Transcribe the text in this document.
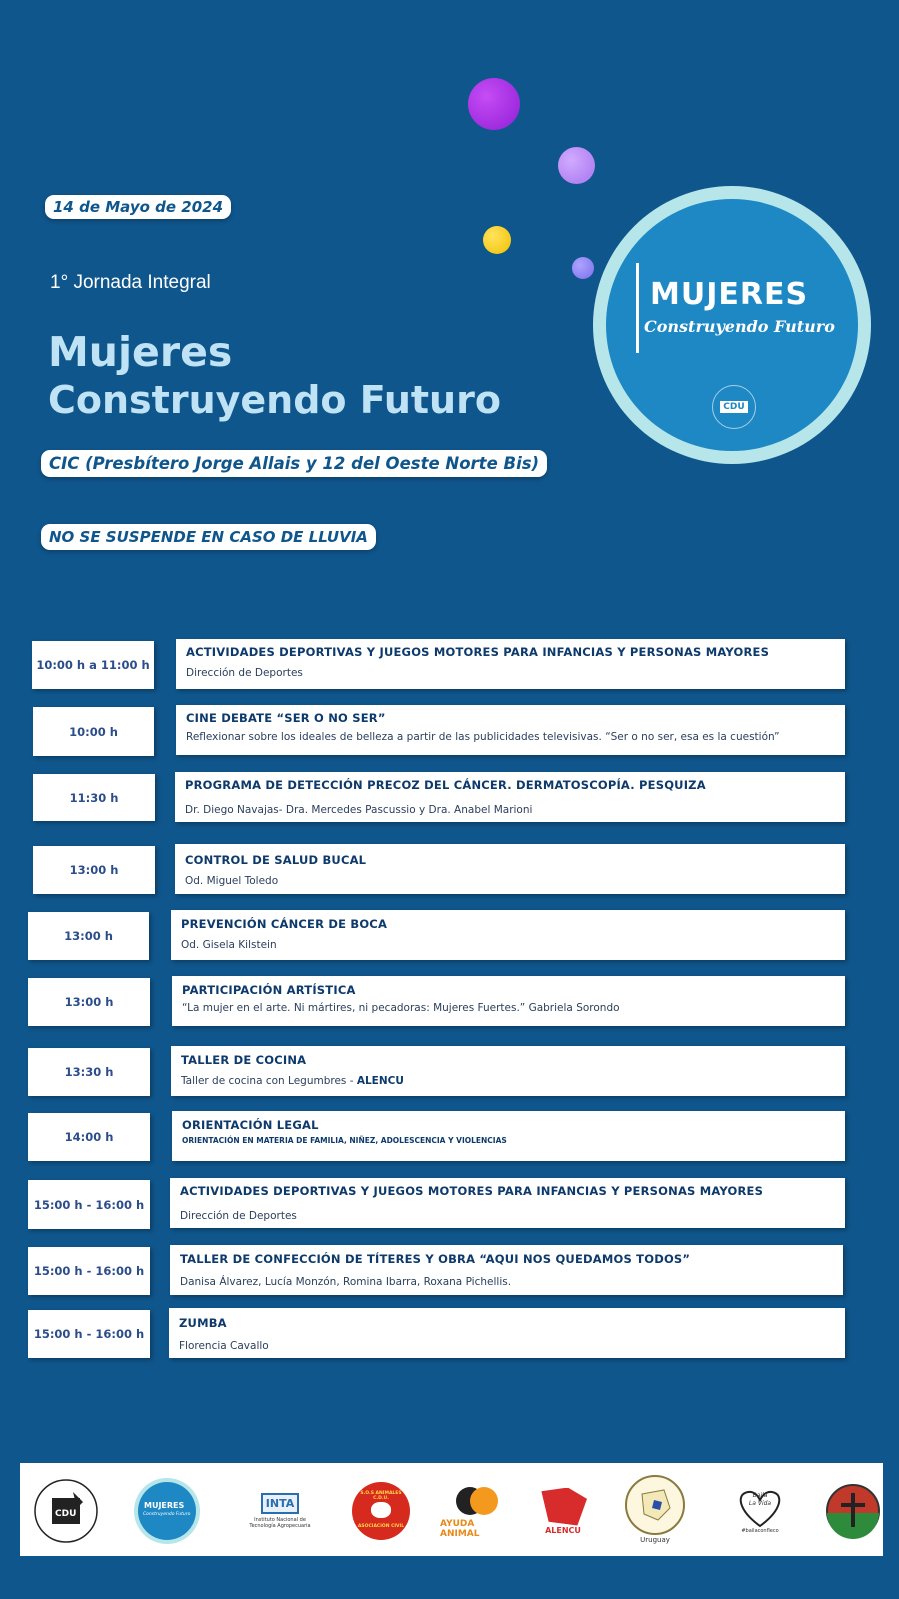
14 de Mayo de 2024
1° Jornada Integral
Mujeres
Construyendo Futuro
CIC (Presbítero Jorge Allais y 12 del Oeste Norte Bis)
NO SE SUSPENDE EN CASO DE LLUVIA
MUJERES
Construyendo Futuro
CDU
10:00 h a 11:00 h
ACTIVIDADES DEPORTIVAS Y JUEGOS MOTORES PARA INFANCIAS Y PERSONAS MAYORES
Dirección de Deportes
10:00 h
CINE DEBATE “SER O NO SER”
Reflexionar sobre los ideales de belleza a partir de las publicidades televisivas. “Ser o no ser, esa es la cuestión”
11:30 h
PROGRAMA DE DETECCIÓN PRECOZ DEL CÁNCER. DERMATOSCOPÍA. PESQUIZA
Dr. Diego Navajas- Dra. Mercedes Pascussio y Dra. Anabel Marioni
13:00 h
CONTROL DE SALUD BUCAL
Od. Miguel Toledo
13:00 h
PREVENCIÓN CÁNCER DE BOCA
Od. Gisela Kilstein
13:00 h
PARTICIPACIÓN ARTÍSTICA
“La mujer en el arte. Ni mártires, ni pecadoras: Mujeres Fuertes.” Gabriela Sorondo
13:30 h
TALLER DE COCINA
Taller de cocina con Legumbres - ALENCU
14:00 h
ORIENTACIÓN LEGAL
ORIENTACIÓN EN MATERIA DE FAMILIA, NIÑEZ, ADOLESCENCIA Y VIOLENCIAS
15:00 h - 16:00 h
ACTIVIDADES DEPORTIVAS Y JUEGOS MOTORES PARA INFANCIAS Y PERSONAS MAYORES
Dirección de Deportes
15:00 h - 16:00 h
TALLER DE CONFECCIÓN DE TÍTERES Y OBRA “AQUI NOS QUEDAMOS TODOS”
Danisa Álvarez, Lucía Monzón, Romina Ibarra, Roxana Pichellis.
15:00 h - 16:00 h
ZUMBA
Florencia Cavallo
CDU
MUJERES
Construyendo Futuro
INTA
Instituto Nacional de
Tecnología Agropecuaria
S.O.S ANIMALES C.D.U.
ASOCIACIÓN CIVIL	AYUDA ANIMAL	ALENCU
Uruguay
Baila
La Vida
#bailaconfleco
